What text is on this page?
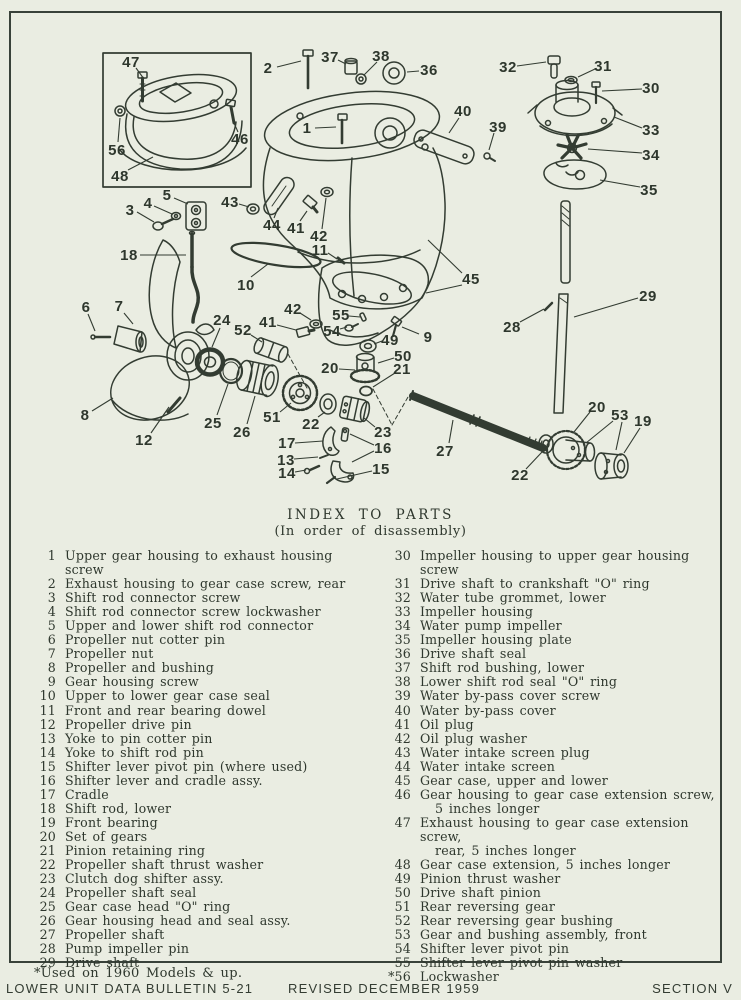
47
56
48
46
2
37 38
36
1
40
39
32	31
30
33
34
35
29
28
45
43
44 41 42
11
10
3 4 5
18
6 7
24
52 41
42 55
54
49 9
50
20	21
8
12
25
26
51 22	23
17
13
16
14	15
27
22
20 53 19
INDEX TO PARTS
(In order of disassembly)
1 Upper gear housing to exhaust housing screw
2 Exhaust housing to gear case screw, rear
3 Shift rod connector screw
4 Shift rod connector screw lockwasher
5 Upper and lower shift rod connector
6 Propeller nut cotter pin
7 Propeller nut
8 Propeller and bushing
9 Gear housing screw
10 Upper to lower gear case seal
11 Front and rear bearing dowel
12 Propeller drive pin
13 Yoke to pin cotter pin
14 Yoke to shift rod pin
15 Shifter lever pivot pin (where used)
16 Shifter lever and cradle assy.
17 Cradle
18 Shift rod, lower
19 Front bearing
20 Set of gears
21 Pinion retaining ring
22 Propeller shaft thrust washer
23 Clutch dog shifter assy.
24 Propeller shaft seal
25 Gear case head "O" ring
26 Gear housing head and seal assy.
27 Propeller shaft
28 Pump impeller pin
29 Drive shaft
30 Impeller housing to upper gear housing screw
31 Drive shaft to crankshaft "O" ring
32 Water tube grommet, lower
33 Impeller housing
34 Water pump impeller
35 Impeller housing plate
36 Drive shaft seal
37 Shift rod bushing, lower
38 Lower shift rod seal "O" ring
39 Water by-pass cover screw
40 Water by-pass cover
41 Oil plug
42 Oil plug washer
43 Water intake screen plug
44 Water intake screen
45 Gear case, upper and lower
46 Gear housing to gear case extension screw,
5 inches longer
47 Exhaust housing to gear case extension screw,
rear, 5 inches longer
48 Gear case extension, 5 inches longer
49 Pinion thrust washer
50 Drive shaft pinion
51 Rear reversing gear
52 Rear reversing gear bushing
53 Gear and bushing assembly, front
54 Shifter lever pivot pin
55 Shifter lever pivot pin washer
*56 Lockwasher
*Used on 1960 Models & up.
LOWER UNIT DATA BULLETIN 5-21	REVISED DECEMBER 1959	SECTION V
